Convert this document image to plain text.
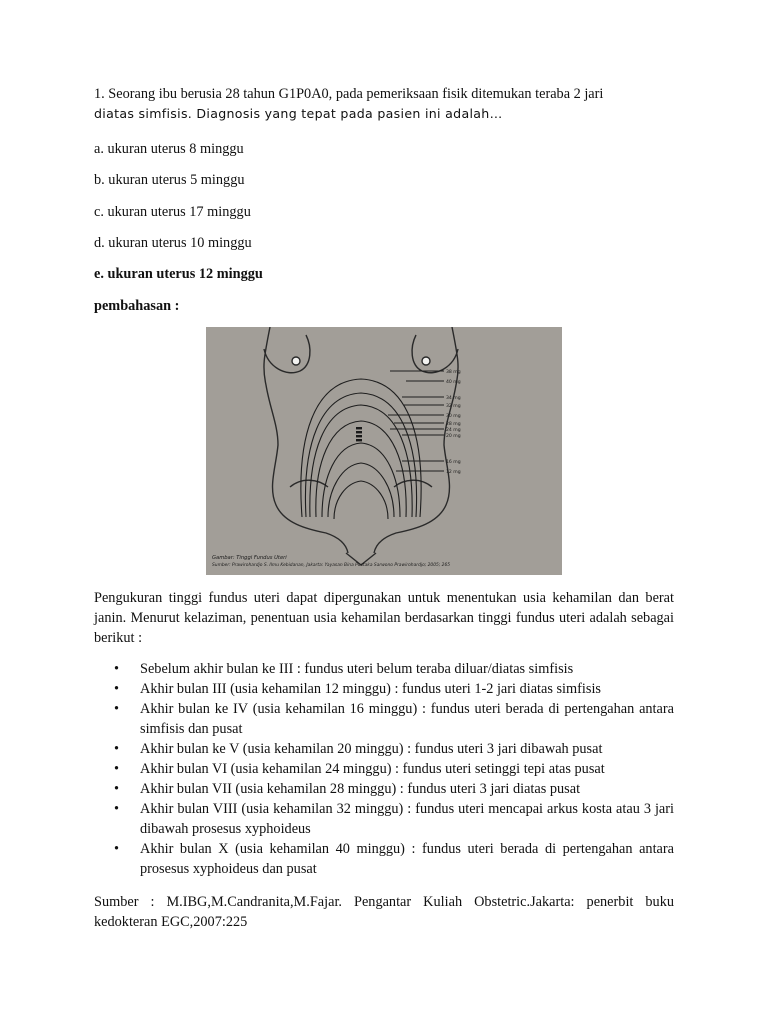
1. Seorang ibu berusia 28 tahun G1P0A0, pada pemeriksaan fisik ditemukan teraba 2 jari
diatas simfisis. Diagnosis yang tepat pada pasien ini adalah…
a. ukuran uterus 8 minggu
b. ukuran uterus 5 minggu
c. ukuran uterus 17 minggu
d. ukuran uterus 10 minggu
e. ukuran uterus 12 minggu
pembahasan :
38 mg
40 mg
34 mg
32 mg
30 mg
28 mg
24 mg
20 mg
16 mg
12 mg
Gambar: Tinggi Fundus Uteri
Sumber: Prawirohardjo S. Ilmu Kebidanan, Jakarta: Yayasan Bina Pustaka Sarwono Prawirohardjo; 2005; 265
Pengukuran tinggi fundus uteri dapat dipergunakan untuk menentukan usia kehamilan dan berat janin. Menurut kelaziman, penentuan usia kehamilan berdasarkan tinggi fundus uteri adalah sebagai berikut :
• Sebelum akhir bulan ke III : fundus uteri belum teraba diluar/diatas simfisis
• Akhir bulan III (usia kehamilan 12 minggu) : fundus uteri 1-2 jari diatas simfisis
• Akhir bulan ke IV (usia kehamilan 16 minggu) : fundus uteri berada di pertengahan antara simfisis dan pusat
• Akhir bulan ke V (usia kehamilan 20 minggu) : fundus uteri 3 jari dibawah pusat
• Akhir bulan VI (usia kehamilan 24 minggu) : fundus uteri setinggi tepi atas pusat
• Akhir bulan VII (usia kehamilan 28 minggu) : fundus uteri 3 jari diatas pusat
• Akhir bulan VIII (usia kehamilan 32 minggu) : fundus uteri mencapai arkus kosta atau 3 jari dibawah prosesus xyphoideus
• Akhir bulan X (usia kehamilan 40 minggu) : fundus uteri berada di pertengahan antara prosesus xyphoideus dan pusat
Sumber : M.IBG,M.Candranita,M.Fajar. Pengantar Kuliah Obstetric.Jakarta: penerbit buku kedokteran EGC,2007:225
